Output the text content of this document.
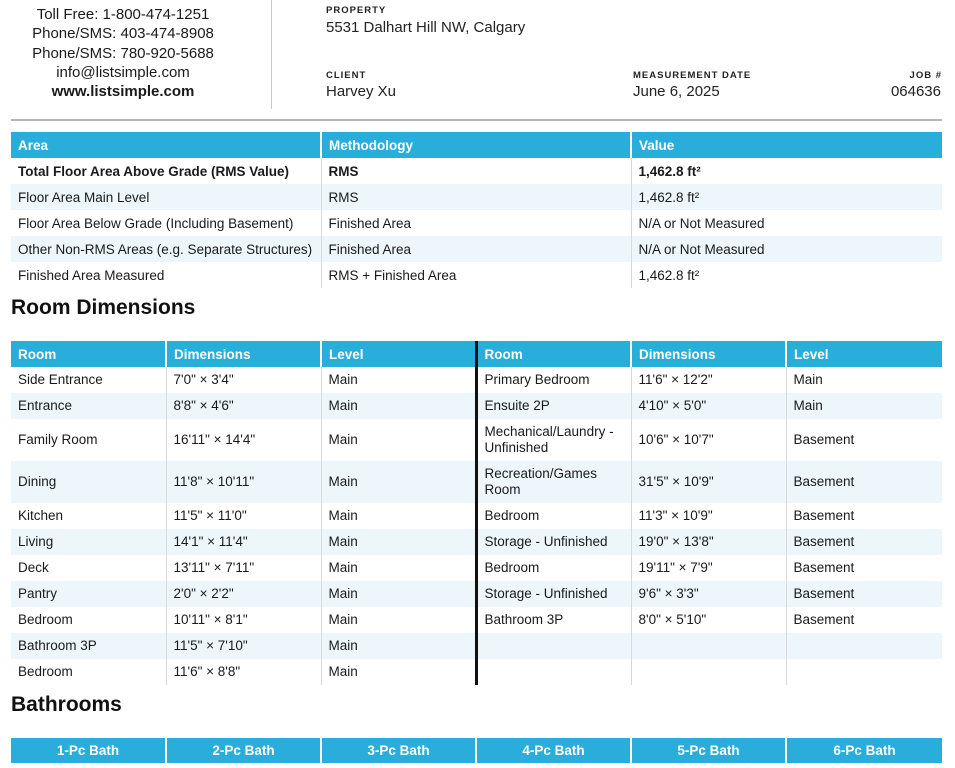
Toll Free: 1-800-474-1251
Phone/SMS: 403-474-8908
Phone/SMS: 780-920-5688
info@listsimple.com
www.listsimple.com
PROPERTY
5531 Dalhart Hill NW, Calgary
CLIENT
Harvey Xu
MEASUREMENT DATE
June 6, 2025
JOB #
064636
Area	Methodology	Value
Total Floor Area Above Grade (RMS Value)	RMS	1,462.8 ft²
Floor Area Main Level	RMS	1,462.8 ft²
Floor Area Below Grade (Including Basement)	Finished Area	N/A or Not Measured
Other Non-RMS Areas (e.g. Separate Structures)	Finished Area	N/A or Not Measured
Finished Area Measured	RMS + Finished Area	1,462.8 ft²
Room Dimensions
Room	Dimensions	Level	Room	Dimensions	Level
Side Entrance	7'0" × 3'4"	Main	Primary Bedroom	11'6" × 12'2"	Main
Entrance	8'8" × 4'6"	Main	Ensuite 2P	4'10" × 5'0"	Main
Family Room	16'11" × 14'4"	Main	Mechanical/Laundry - Unfinished	10'6" × 10'7"	Basement
Dining	11'8" × 10'11"	Main	Recreation/Games Room	31'5" × 10'9"	Basement
Kitchen	11'5" × 11'0"	Main	Bedroom	11'3" × 10'9"	Basement
Living	14'1" × 11'4"	Main	Storage - Unfinished	19'0" × 13'8"	Basement
Deck	13'11" × 7'11"	Main	Bedroom	19'11" × 7'9"	Basement
Pantry	2'0" × 2'2"	Main	Storage - Unfinished	9'6" × 3'3"	Basement
Bedroom	10'11" × 8'1"	Main	Bathroom 3P	8'0" × 5'10"	Basement
Bathroom 3P	11'5" × 7'10"	Main			
Bedroom	11'6" × 8'8"	Main			
Bathrooms
1-Pc Bath	2-Pc Bath	3-Pc Bath	4-Pc Bath	5-Pc Bath	6-Pc Bath
